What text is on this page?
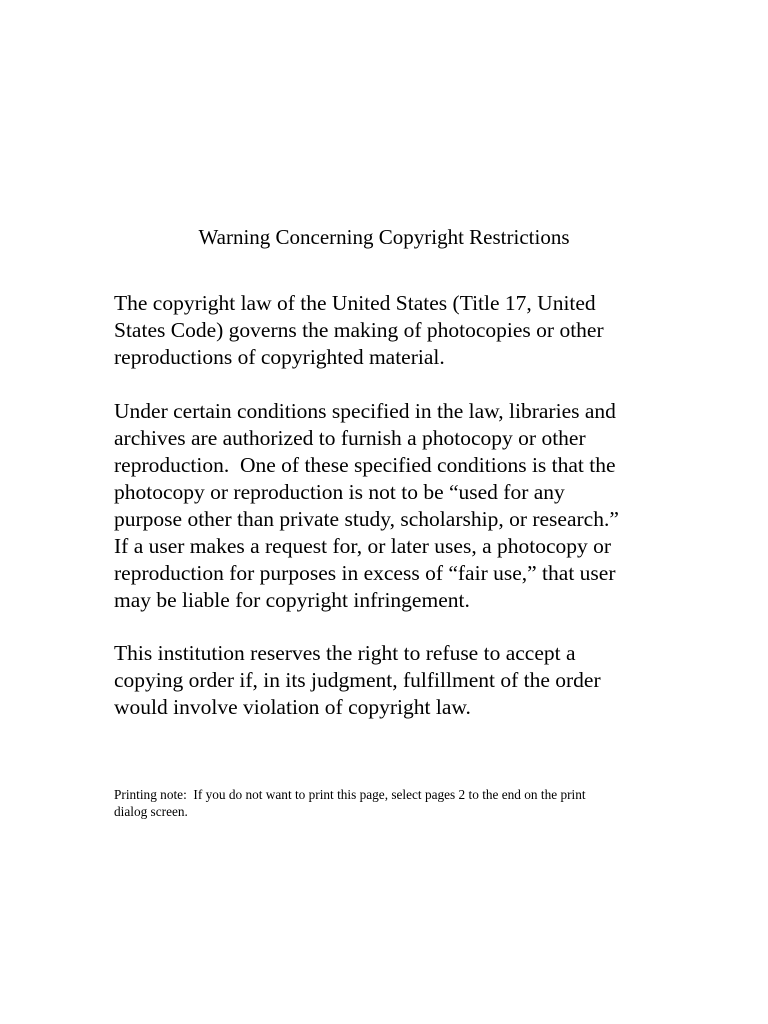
Warning Concerning Copyright Restrictions

The copyright law of the United States (Title 17, United
States Code) governs the making of photocopies or other
reproductions of copyrighted material.

Under certain conditions specified in the law, libraries and
archives are authorized to furnish a photocopy or other
reproduction.  One of these specified conditions is that the
photocopy or reproduction is not to be “used for any
purpose other than private study, scholarship, or research.”
If a user makes a request for, or later uses, a photocopy or
reproduction for purposes in excess of “fair use,” that user
may be liable for copyright infringement.

This institution reserves the right to refuse to accept a
copying order if, in its judgment, fulfillment of the order
would involve violation of copyright law.

Printing note:  If you do not want to print this page, select pages 2 to the end on the print
dialog screen.
